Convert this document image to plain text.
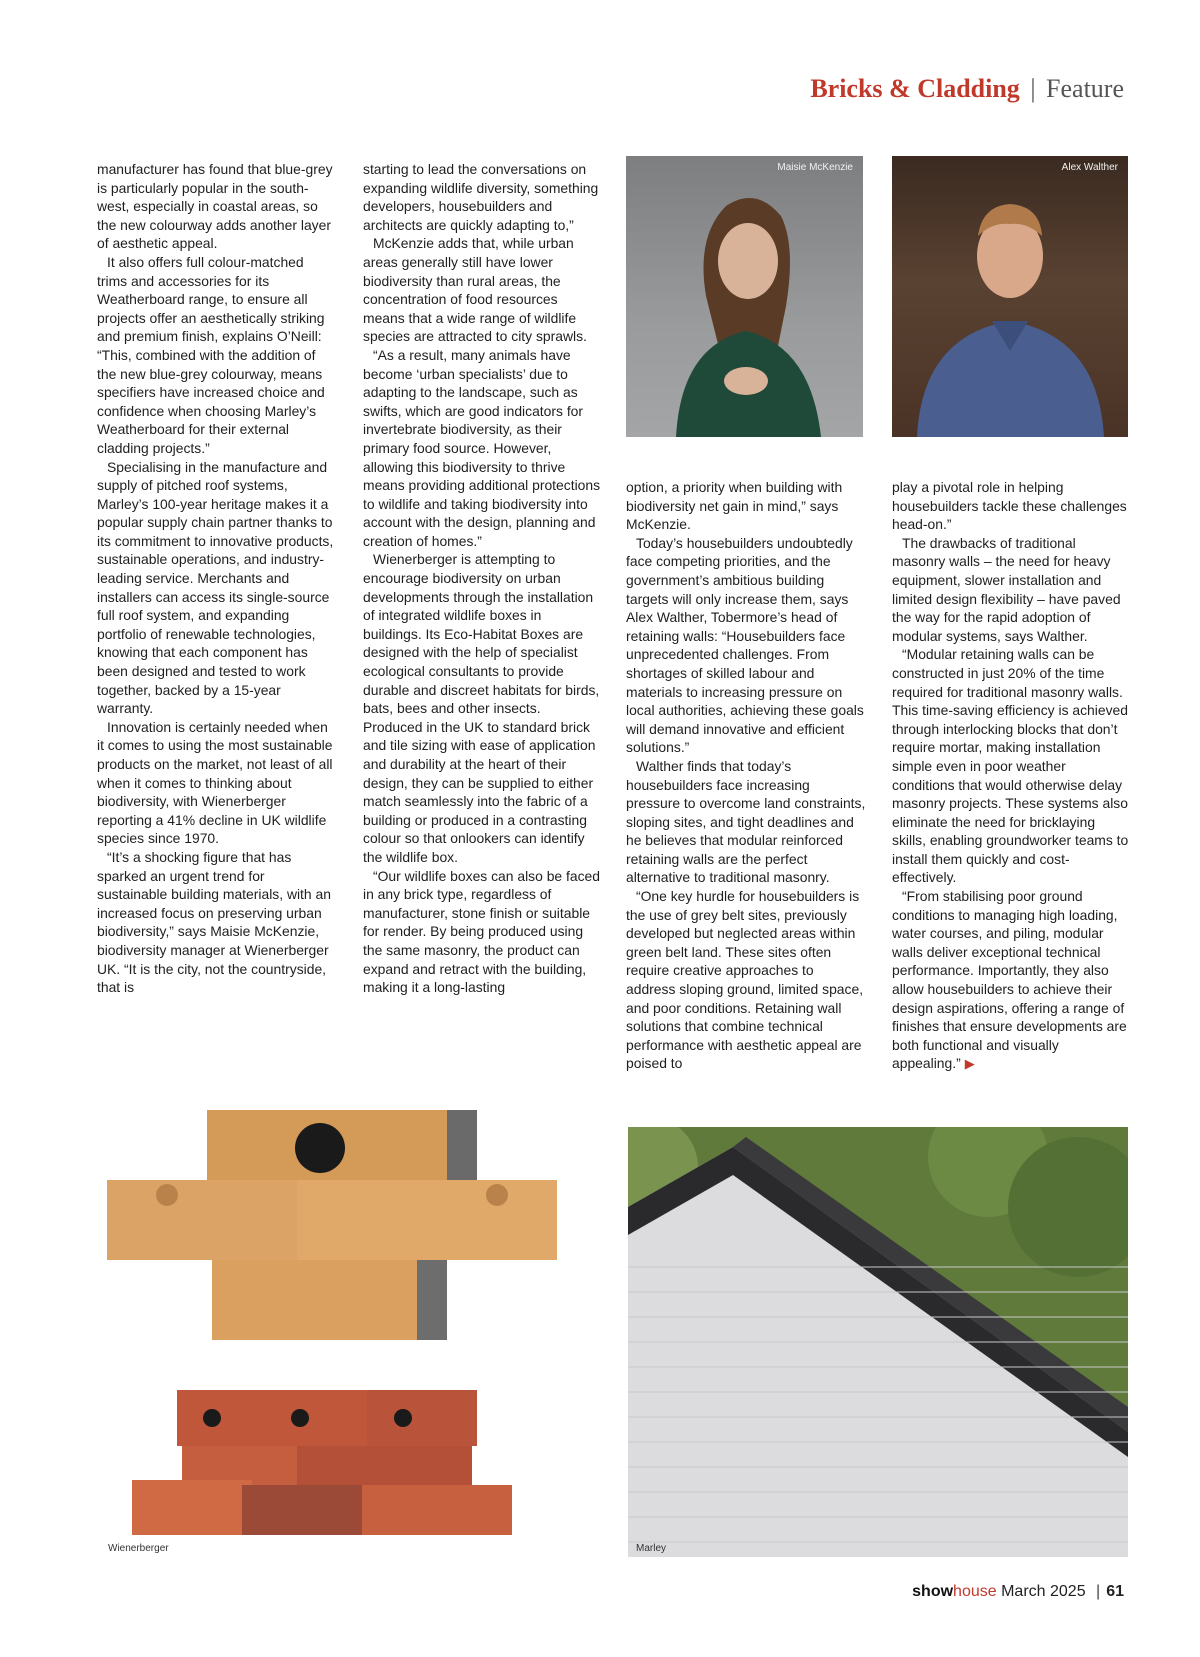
Bricks & Cladding | Feature

manufacturer has found that blue-grey is particularly popular in the south-west, especially in coastal areas, so the new colourway adds another layer of aesthetic appeal.

It also offers full colour-matched trims and accessories for its Weatherboard range, to ensure all projects offer an aesthetically striking and premium finish, explains O’Neill: “This, combined with the addition of the new blue-grey colourway, means specifiers have increased choice and confidence when choosing Marley’s Weatherboard for their external cladding projects.”

Specialising in the manufacture and supply of pitched roof systems, Marley’s 100-year heritage makes it a popular supply chain partner thanks to its commitment to innovative products, sustainable operations, and industry-leading service. Merchants and installers can access its single-source full roof system, and expanding portfolio of renewable technologies, knowing that each component has been designed and tested to work together, backed by a 15-year warranty.

Innovation is certainly needed when it comes to using the most sustainable products on the market, not least of all when it comes to thinking about biodiversity, with Wienerberger reporting a 41% decline in UK wildlife species since 1970.

“It’s a shocking figure that has sparked an urgent trend for sustainable building materials, with an increased focus on preserving urban biodiversity,” says Maisie McKenzie, biodiversity manager at Wienerberger UK. “It is the city, not the countryside, that is

starting to lead the conversations on expanding wildlife diversity, something developers, housebuilders and architects are quickly adapting to,”

McKenzie adds that, while urban areas generally still have lower biodiversity than rural areas, the concentration of food resources means that a wide range of wildlife species are attracted to city sprawls.

“As a result, many animals have become ‘urban specialists’ due to adapting to the landscape, such as swifts, which are good indicators for invertebrate biodiversity, as their primary food source. However, allowing this biodiversity to thrive means providing additional protections to wildlife and taking biodiversity into account with the design, planning and creation of homes.”

Wienerberger is attempting to encourage biodiversity on urban developments through the installation of integrated wildlife boxes in buildings. Its Eco-Habitat Boxes are designed with the help of specialist ecological consultants to provide durable and discreet habitats for birds, bats, bees and other insects. Produced in the UK to standard brick and tile sizing with ease of application and durability at the heart of their design, they can be supplied to either match seamlessly into the fabric of a building or produced in a contrasting colour so that onlookers can identify the wildlife box.

“Our wildlife boxes can also be faced in any brick type, regardless of manufacturer, stone finish or suitable for render. By being produced using the same masonry, the product can expand and retract with the building, making it a long-lasting

Maisie McKenzie	Alex Walther

option, a priority when building with biodiversity net gain in mind,” says McKenzie.

Today’s housebuilders undoubtedly face competing priorities, and the government’s ambitious building targets will only increase them, says Alex Walther, Tobermore’s head of retaining walls: “Housebuilders face unprecedented challenges. From shortages of skilled labour and materials to increasing pressure on local authorities, achieving these goals will demand innovative and efficient solutions.”

Walther finds that today’s housebuilders face increasing pressure to overcome land constraints, sloping sites, and tight deadlines and he believes that modular reinforced retaining walls are the perfect alternative to traditional masonry.

“One key hurdle for housebuilders is the use of grey belt sites, previously developed but neglected areas within green belt land. These sites often require creative approaches to address sloping ground, limited space, and poor conditions. Retaining wall solutions that combine technical performance with aesthetic appeal are poised to

play a pivotal role in helping housebuilders tackle these challenges head-on.”

The drawbacks of traditional masonry walls – the need for heavy equipment, slower installation and limited design flexibility – have paved the way for the rapid adoption of modular systems, says Walther.

“Modular retaining walls can be constructed in just 20% of the time required for traditional masonry walls. This time-saving efficiency is achieved through interlocking blocks that don’t require mortar, making installation simple even in poor weather conditions that would otherwise delay masonry projects. These systems also eliminate the need for bricklaying skills, enabling groundworker teams to install them quickly and cost-effectively.

“From stabilising poor ground conditions to managing high loading, water courses, and piling, modular walls deliver exceptional technical performance. Importantly, they also allow housebuilders to achieve their design aspirations, offering a range of finishes that ensure developments are both functional and visually appealing.” ▶

Wienerberger	Marley
showhouse March 2025 | 61
